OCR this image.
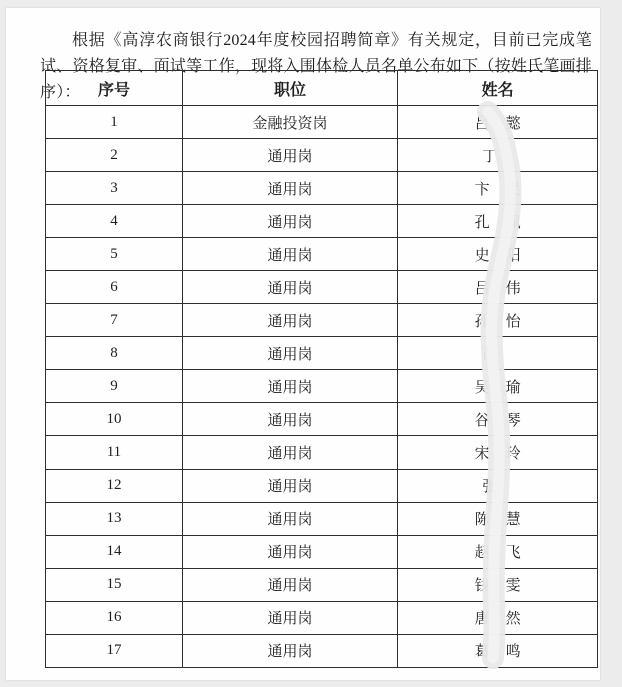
根据《高淳农商银行2024年度校园招聘简章》有关规定，目前已完成笔试、资格复审、面试等工作，现将入围体检人员名单公布如下（按姓氏笔画排序）：	序号	职位	姓名
1	金融投资岗	吕 懿

2	通用岗	丁

3	通用岗	卞 民

4	通用岗	孔 佩

5	通用岗	史 阳

6	通用岗	吕 伟

7	通用岗	孙 怡

8	通用岗	芮

9	通用岗	吴 瑜

10	通用岗	谷 琴

11	通用岗	宋 玲

12	通用岗	张

13	通用岗	陈 慧

14	通用岗	赵 飞

15	通用岗	钱 雯

16	通用岗	唐 然

17	通用岗	葛 鸣
